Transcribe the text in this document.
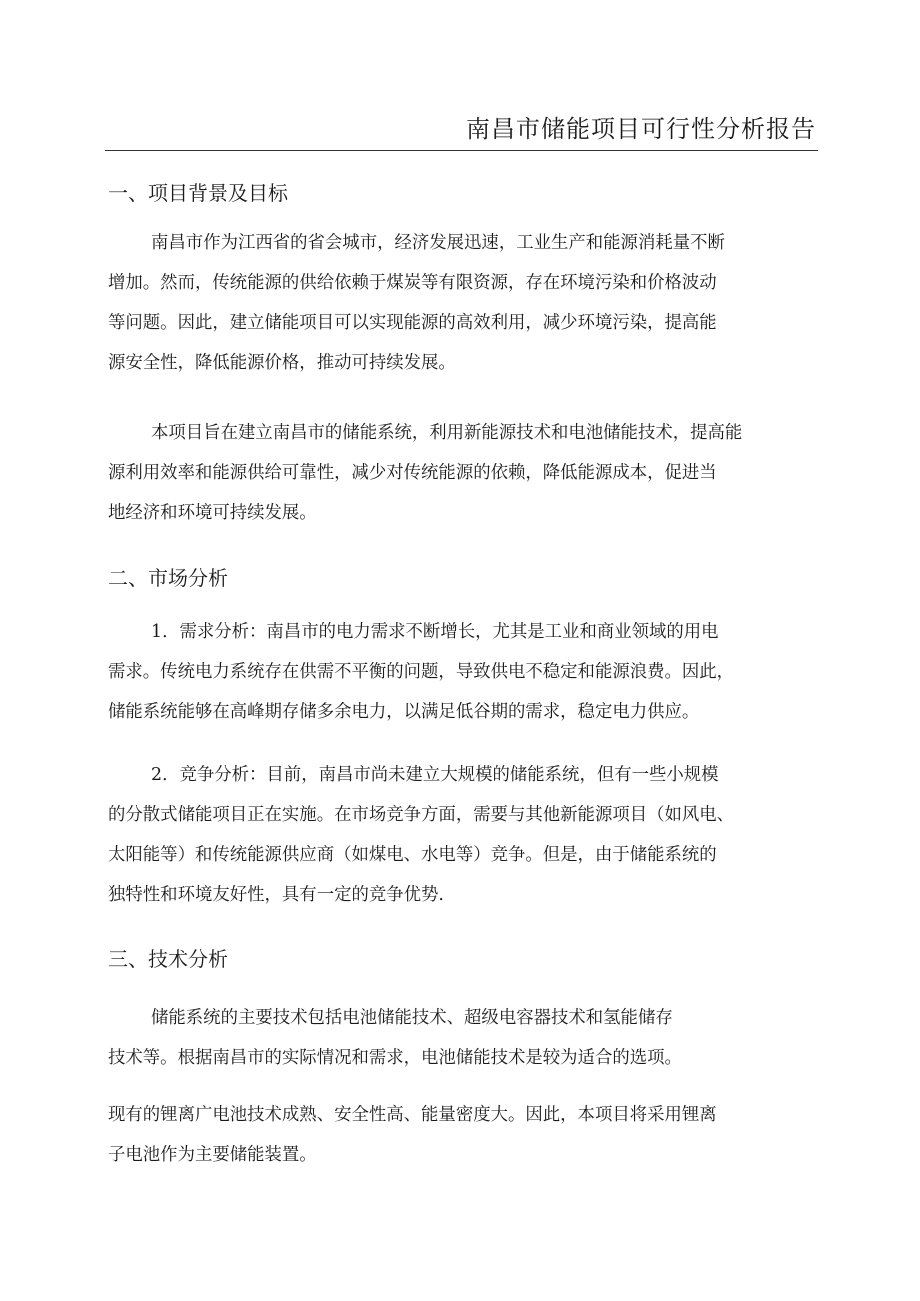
南昌市储能项目可行性分析报告
一、项目背景及目标
南昌市作为江西省的省会城市，经济发展迅速，工业生产和能源消耗量不断
增加。然而，传统能源的供给依赖于煤炭等有限资源，存在环境污染和价格波动
等问题。因此，建立储能项目可以实现能源的高效利用，减少环境污染，提高能
源安全性，降低能源价格，推动可持续发展。
本项目旨在建立南昌市的储能系统，利用新能源技术和电池储能技术，提高能
源利用效率和能源供给可靠性，减少对传统能源的依赖，降低能源成本，促进当
地经济和环境可持续发展。
二、市场分析
1．需求分析：南昌市的电力需求不断增长，尤其是工业和商业领域的用电
需求。传统电力系统存在供需不平衡的问题，导致供电不稳定和能源浪费。因此，
储能系统能够在高峰期存储多余电力，以满足低谷期的需求，稳定电力供应。
2．竞争分析：目前，南昌市尚未建立大规模的储能系统，但有一些小规模
的分散式储能项目正在实施。在市场竞争方面，需要与其他新能源项目（如风电、
太阳能等）和传统能源供应商（如煤电、水电等）竞争。但是，由于储能系统的
独特性和环境友好性，具有一定的竞争优势.
三、技术分析
储能系统的主要技术包括电池储能技术、超级电容器技术和氢能储存
技术等。根据南昌市的实际情况和需求，电池储能技术是较为适合的选项。
现有的锂离广电池技术成熟、安全性高、能量密度大。因此，本项目将采用锂离
子电池作为主要储能装置。
